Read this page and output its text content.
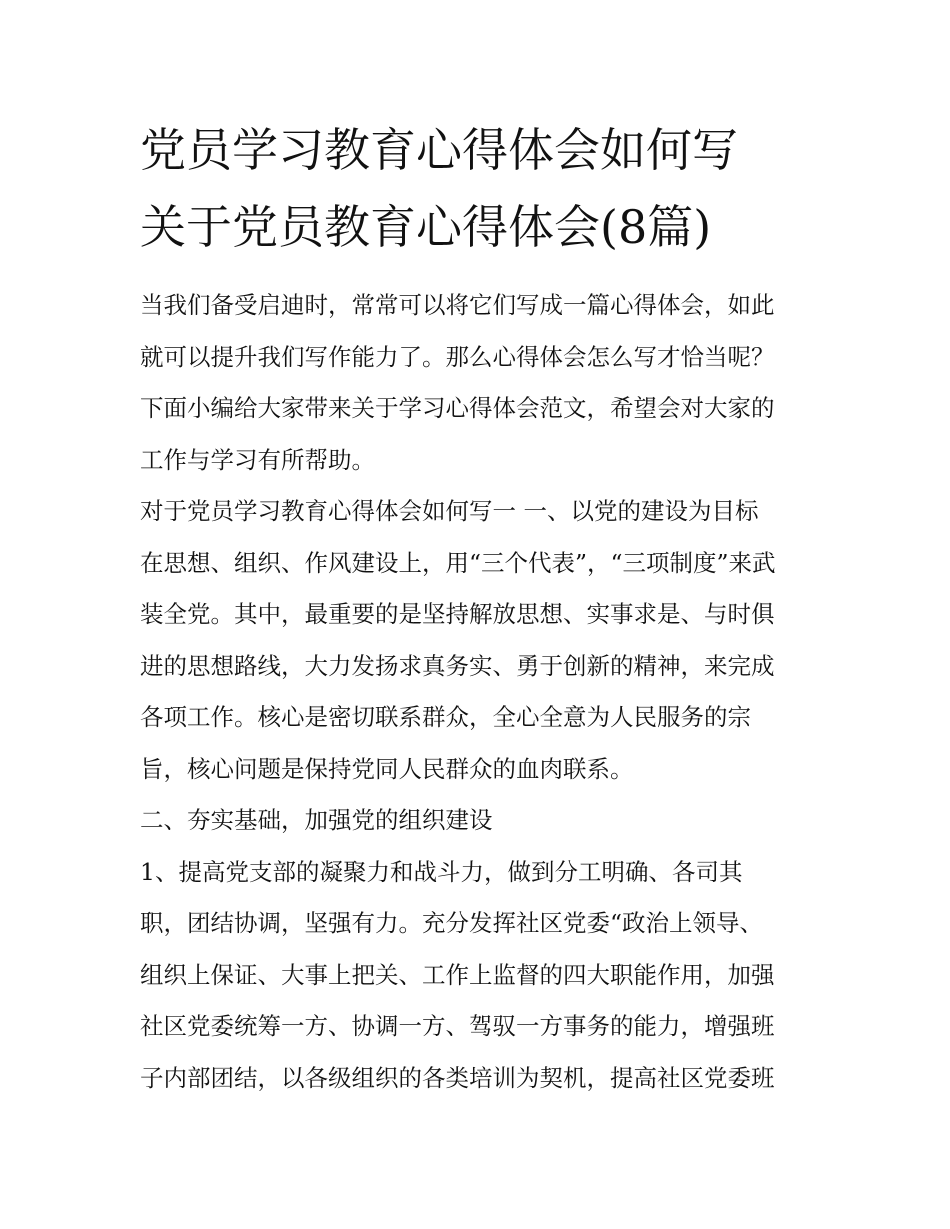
党员学习教育心得体会如何写
关于党员教育心得体会(8篇)
当我们备受启迪时，常常可以将它们写成一篇心得体会，如此
就可以提升我们写作能力了。那么心得体会怎么写才恰当呢？
下面小编给大家带来关于学习心得体会范文，希望会对大家的
工作与学习有所帮助。
对于党员学习教育心得体会如何写一 一、以党的建设为目标
在思想、组织、作风建设上，用“三个代表”，“三项制度”来武
装全党。其中，最重要的是坚持解放思想、实事求是、与时俱
进的思想路线，大力发扬求真务实、勇于创新的精神，来完成
各项工作。核心是密切联系群众，全心全意为人民服务的宗
旨，核心问题是保持党同人民群众的血肉联系。
二、夯实基础，加强党的组织建设
1、提高党支部的凝聚力和战斗力，做到分工明确、各司其
职，团结协调，坚强有力。充分发挥社区党委“政治上领导、
组织上保证、大事上把关、工作上监督的四大职能作用，加强
社区党委统筹一方、协调一方、驾驭一方事务的能力，增强班
子内部团结，以各级组织的各类培训为契机，提高社区党委班
